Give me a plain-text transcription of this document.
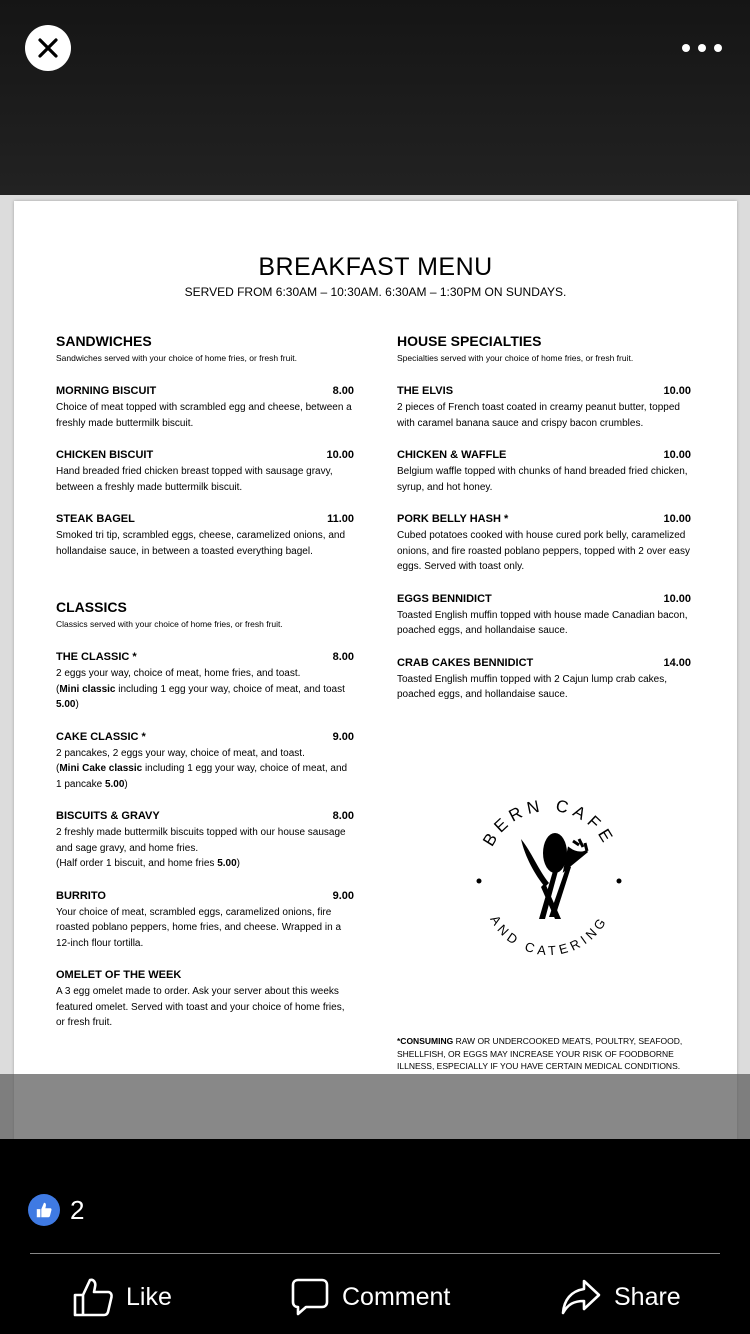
BREAKFAST MENU
SERVED FROM 6:30AM – 10:30AM. 6:30AM – 1:30PM ON SUNDAYS.
SANDWICHES
Sandwiches served with your choice of home fries, or fresh fruit.
MORNING BISCUIT	8.00
Choice of meat topped with scrambled egg and cheese, between a freshly made buttermilk biscuit.
CHICKEN BISCUIT	10.00
Hand breaded fried chicken breast topped with sausage gravy, between a freshly made buttermilk biscuit.
STEAK BAGEL	11.00
Smoked tri tip, scrambled eggs, cheese, caramelized onions, and hollandaise sauce, in between a toasted everything bagel.
CLASSICS
Classics served with your choice of home fries, or fresh fruit.
THE CLASSIC *	8.00
2 eggs your way, choice of meat, home fries, and toast.
(Mini classic including 1 egg your way, choice of meat, and toast 5.00)
CAKE CLASSIC *	9.00
2 pancakes, 2 eggs your way, choice of meat, and toast.
(Mini Cake classic including 1 egg your way, choice of meat, and 1 pancake 5.00)
BISCUITS & GRAVY	8.00
2 freshly made buttermilk biscuits topped with our house sausage and sage gravy, and home fries.
(Half order 1 biscuit, and home fries 5.00)
BURRITO	9.00
Your choice of meat, scrambled eggs, caramelized onions, fire roasted poblano peppers, home fries, and cheese. Wrapped in a 12-inch flour tortilla.
OMELET OF THE WEEK
A 3 egg omelet made to order. Ask your server about this weeks featured omelet. Served with toast and your choice of home fries, or fresh fruit.
HOUSE SPECIALTIES
Specialties served with your choice of home fries, or fresh fruit.
THE ELVIS	10.00
2 pieces of French toast coated in creamy peanut butter, topped with caramel banana sauce and crispy bacon crumbles.
CHICKEN & WAFFLE	10.00
Belgium waffle topped with chunks of hand breaded fried chicken, syrup, and hot honey.
PORK BELLY HASH *	10.00
Cubed potatoes cooked with house cured pork belly, caramelized onions, and fire roasted poblano peppers, topped with 2 over easy eggs. Served with toast only.
EGGS BENNIDICT	10.00
Toasted English muffin topped with house made Canadian bacon, poached eggs, and hollandaise sauce.
CRAB CAKES BENNIDICT	14.00
Toasted English muffin topped with 2 Cajun lump crab cakes, poached eggs, and hollandaise sauce.
BERN CAFE
AND CATERING
*CONSUMING RAW OR UNDERCOOKED MEATS, POULTRY, SEAFOOD, SHELLFISH, OR EGGS MAY INCREASE YOUR RISK OF FOODBORNE ILLNESS, ESPECIALLY IF YOU HAVE CERTAIN MEDICAL CONDITIONS.
2
Like	Comment	Share
